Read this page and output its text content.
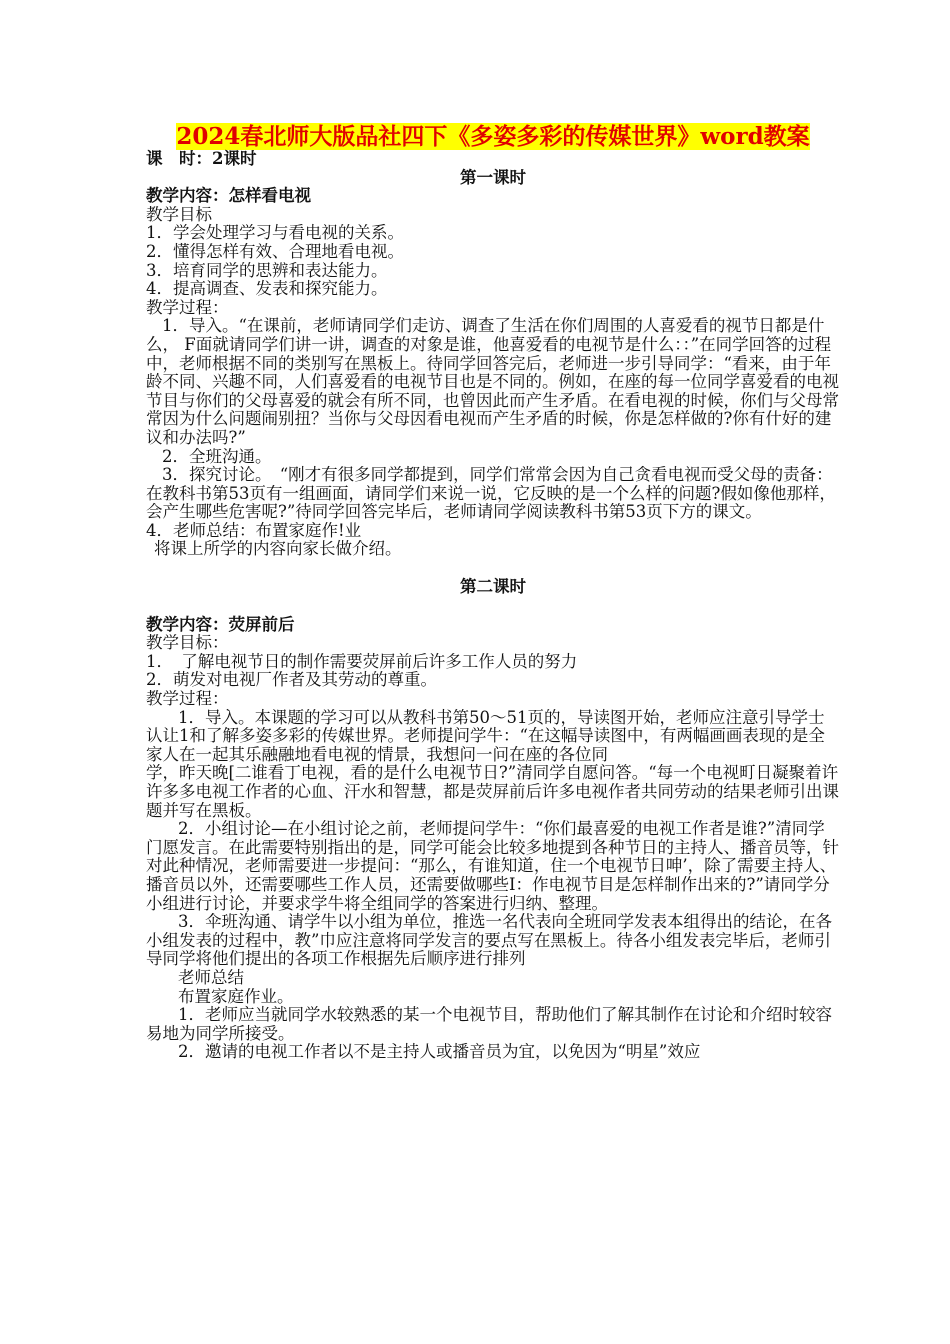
2024春北师大版品社四下《多姿多彩的传媒世界》word教案

课　时：2课时

第一课时

教学内容：怎样看电视

教学目标

1．学会处理学习与看电视的关系。

2．懂得怎样有效、合理地看电视。

3．培育同学的思辨和表达能力。

4．提高调查、发表和探究能力。

教学过程：

1．导入。“在课前，老师请同学们走访、调查了生活在你们周围的人喜爱看的视节日都是什么， F面就请同学们讲一讲，调查的对象是谁，他喜爱看的电视节是什么：：”在同学回答的过程中，老师根据不同的类别写在黑板上。待同学回答完后，老师进一步引导同学：“看来，由于年龄不同、兴趣不同，人们喜爱看的电视节目也是不同的。例如，在座的每一位同学喜爱看的电视节目与你们的父母喜爱的就会有所不同，也曾因此而产生矛盾。在看电视的时候，你们与父母常常因为什么问题闹别扭？当你与父母因看电视而产生矛盾的时候，你是怎样做的?你有什好的建议和办法吗?”

2．全班沟通。

3．探究讨论。　“刚才有很多同学都提到，同学们常常会因为自己贪看电视而受父母的责备：在教科书第53页有一组画面，请同学们来说一说，它反映的是一个么样的问题?假如像他那样，会产生哪些危害呢?”待同学回答完毕后，老师请同学阅读教科书第53页下方的课文。

4．老师总结：布置家庭作!业

将课上所学的内容向家长做介绍。

第二课时

教学内容：荧屏前后

教学目标：

1．　了解电视节日的制作需要荧屏前后许多工作人员的努力

2．萌发对电视厂作者及其劳动的尊重。

教学过程：

1．导入。本课题的学习可以从教科书第50～51页的，导读图开始，老师应注意引导学士认让1和了解多姿多彩的传媒世界。老师提问学牛：“在这幅导读图中，有两幅画画表现的是全家人在一起其乐融融地看电视的情景，我想问一问在座的各位同

学，昨天晚[二谁看丁电视，看的是什么电视节日?”清同学自愿问答。“每一个电视町日凝聚着许许多多电视工作者的心血、汗水和智慧，都是荧屏前后许多电视作者共同劳动的结果老师引出课题并写在黑板。

2．小组讨论—在小组讨论之前，老师提问学牛：“你们最喜爱的电视工作者是谁?”清同学门愿发言。在此需要特别指出的是，同学可能会比较多地提到各种节日的主持人、播音员等，针对此种情况，老师需要进一步提问：“那么，有谁知道，住一个电视节日呻’，除了需要主持人、播音员以外，还需要哪些工作人员，还需要做哪些I：作电视节目是怎样制作出来的?”请同学分小组进行讨论，并要求学牛将全组同学的答案进行归纳、整理。

3．伞班沟通、请学牛以小组为单位，推选一名代表向全班同学发表本组得出的结论，在各小组发表的过程中，教”巾应注意将同学发言的要点写在黑板上。待各小组发表完毕后，老师引导同学将他们提出的各项工作根据先后顺序进行排列

老师总结

布置家庭作业。

1．老师应当就同学水较熟悉的某一个电视节目，帮助他们了解其制作在讨论和介绍时较容易地为同学所接受。

2．邀请的电视工作者以不是主持人或播音员为宜，以免因为“明星”效应
